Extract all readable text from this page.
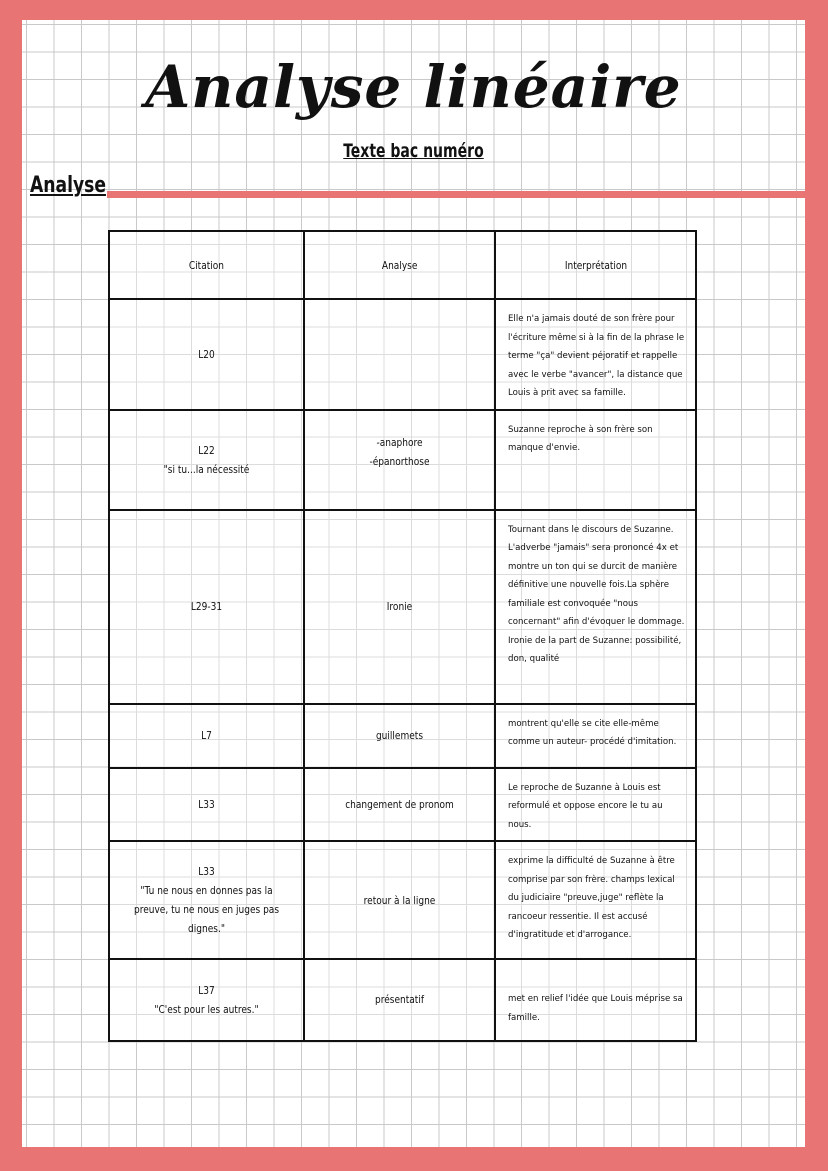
Analyse linéaire
Texte bac numéro
Analyse
Citation	Analyse	Interprétation

L20		Elle n'a jamais douté de son frère pour l'écriture même si à la fin de la phrase le terme "ça" devient péjoratif et rappelle avec le verbe "avancer", la distance que Louis à prit avec sa famille.

L22
"si tu...la nécessité	-anaphore
-épanorthose	Suzanne reproche à son frère son manque d'envie.

L29-31	Ironie	Tournant dans le discours de Suzanne. L'adverbe "jamais" sera prononcé 4x et montre un ton qui se durcit de manière définitive une nouvelle fois.La sphère familiale est convoquée "nous concernant" afin d'évoquer le dommage. Ironie de la part de Suzanne: possibilité, don, qualité

L7	guillemets	montrent qu'elle se cite elle-même comme un auteur- procédé d'imitation.

L33	changement de pronom	Le reproche de Suzanne à Louis est reformulé et oppose encore le tu au nous.

L33
"Tu ne nous en donnes pas la preuve, tu ne nous en juges pas dignes."	retour à la ligne	exprime la difficulté de Suzanne à être comprise par son frère. champs lexical du judiciaire "preuve,juge" reflète la rancoeur ressentie. Il est accusé d'ingratitude et d'arrogance.

L37
"C'est pour les autres."	présentatif	met en relief l'idée que Louis méprise sa famille.
